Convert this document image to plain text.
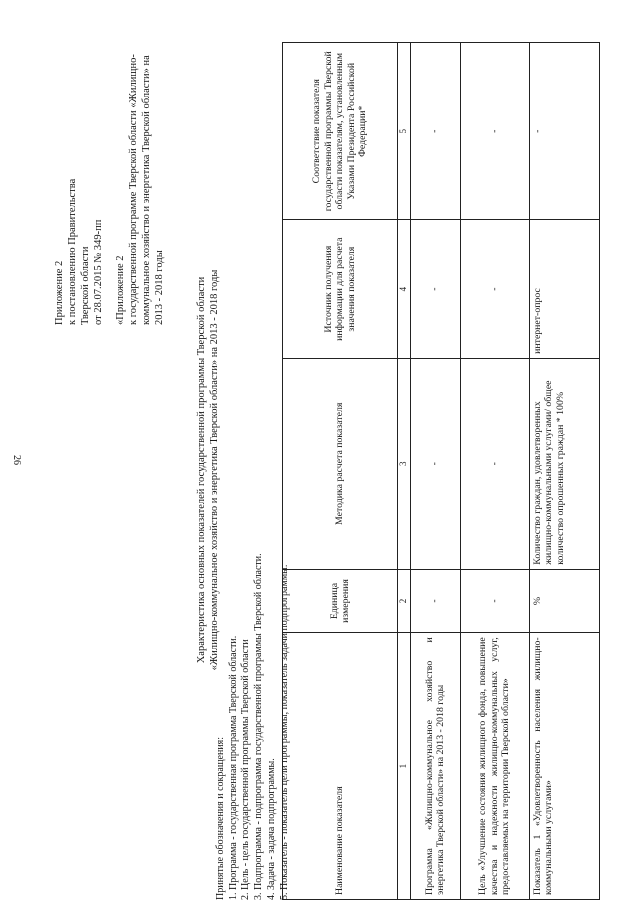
26
Приложение 2 к постановлению Правительства Тверской области от 28.07.2015 № 349-пп «Приложение 2 к государственной программе Тверской области «Жилищно- коммунальное хозяйство и энергетика Тверской области» на 2013 - 2018 годы	Характеристика основных показателей государственной программы Тверской области «Жилищно-коммунальное хозяйство и энергетика Тверской области» на 2013 - 2018 годы
Принятые обозначения и сокращения: 1. Программа - государственная программа Тверской области. 2. Цель - цель государственной программы Тверской области 3. Подпрограмма - подпрограмма государственной программы Тверской области. 4. Задача - задача подпрограммы. 5. Показатель - показатель цели программы, показатель задачи подпрограммы.	Наименование показателя	Единица измерения	Методика расчета показателя	Источник получения информации для расчета значения показателя	Соответствие показателя государственной программы Тверской области показателям, установленным Указами Президента Российской Федерации*
1	2	3	4	5
Программа «Жилищно-коммунальное хозяйство и энергетика Тверской области» на 2013 - 2018 годы	-	-	-	-
Цель «Улучшение состояния жилищного фонда, повышение качества и надежности жилищно-коммунальных услуг, предоставляемых на территории Тверской области»	-	-	-	-
Показатель 1 «Удовлетворенность населения жилищно-коммунальными услугами»	%	Количество граждан, удовлетворенных жилищно-коммунальными услугами/ общее количество опрошенных граждан * 100%	интернет-опрос	-
